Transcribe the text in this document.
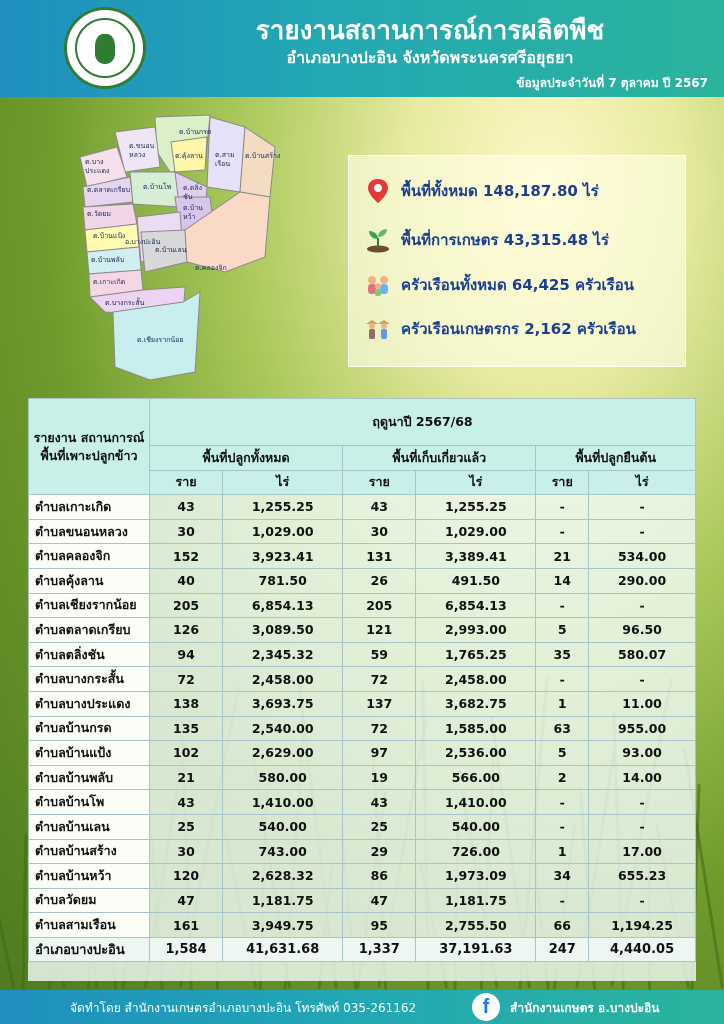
รายงานสถานการณ์การผลิตพืช
อำเภอบางปะอิน จังหวัดพระนครศรีอยุธยา
ข้อมูลประจำวันที่ 7 ตุลาคม ปี 2567
ต.บ้านกรด
ต.ขนอนหลวง
ต.บางประแดง
ต.คุ้งลาน ต.สามเรือน
ต.บ้านสร้าง
ต.ตลาดเกรียบ ต.บ้านโพ
ต.วัดยม
ต.ตลิ่งชัน
ต.บ้านหว้า
ต.บ้านแป้ง
อ.บางปะอิน
ต.บ้านพลับ
ต.บ้านเลน
ต.เกาะเกิด
ต.คลองจิก
ต.บางกระสั้น
ต.เชียงรากน้อย
พื้นที่ทั้งหมด 148,187.80 ไร่
พื้นที่การเกษตร 43,315.48 ไร่
ครัวเรือนทั้งหมด 64,425 ครัวเรือน
ครัวเรือนเกษตรกร 2,162 ครัวเรือน
รายงาน สถานการณ์ พื้นที่เพาะปลูกข้าว	ฤดูนาปี 2567/68					
	พื้นที่ปลูกทั้งหมด		พื้นที่เก็บเกี่ยวแล้ว		พื้นที่ปลูกยืนต้น	
	ราย	ไร่	ราย	ไร่	ราย	ไร่
ตำบลเกาะเกิด	43	1,255.25	43	1,255.25	-	-
ตำบลขนอนหลวง	30	1,029.00	30	1,029.00	-	-
ตำบลคลองจิก	152	3,923.41	131	3,389.41	21	534.00
ตำบลคุ้งลาน	40	781.50	26	491.50	14	290.00
ตำบลเชียงรากน้อย	205	6,854.13	205	6,854.13	-	-
ตำบลตลาดเกรียบ	126	3,089.50	121	2,993.00	5	96.50
ตำบลตลิ่งชัน	94	2,345.32	59	1,765.25	35	580.07
ตำบลบางกระสั้น	72	2,458.00	72	2,458.00	-	-
ตำบลบางประแดง	138	3,693.75	137	3,682.75	1	11.00
ตำบลบ้านกรด	135	2,540.00	72	1,585.00	63	955.00
ตำบลบ้านแป้ง	102	2,629.00	97	2,536.00	5	93.00
ตำบลบ้านพลับ	21	580.00	19	566.00	2	14.00
ตำบลบ้านโพ	43	1,410.00	43	1,410.00	-	-
ตำบลบ้านเลน	25	540.00	25	540.00	-	-
ตำบลบ้านสร้าง	30	743.00	29	726.00	1	17.00
ตำบลบ้านหว้า	120	2,628.32	86	1,973.09	34	655.23
ตำบลวัดยม	47	1,181.75	47	1,181.75	-	-
ตำบลสามเรือน	161	3,949.75	95	2,755.50	66	1,194.25
อำเภอบางปะอิน	1,584	41,631.68	1,337	37,191.63	247	4,440.05
จัดทำโดย สำนักงานเกษตรอำเภอบางปะอิน โทรศัพท์ 035-261162	f	สำนักงานเกษตร อ.บางปะอิน
